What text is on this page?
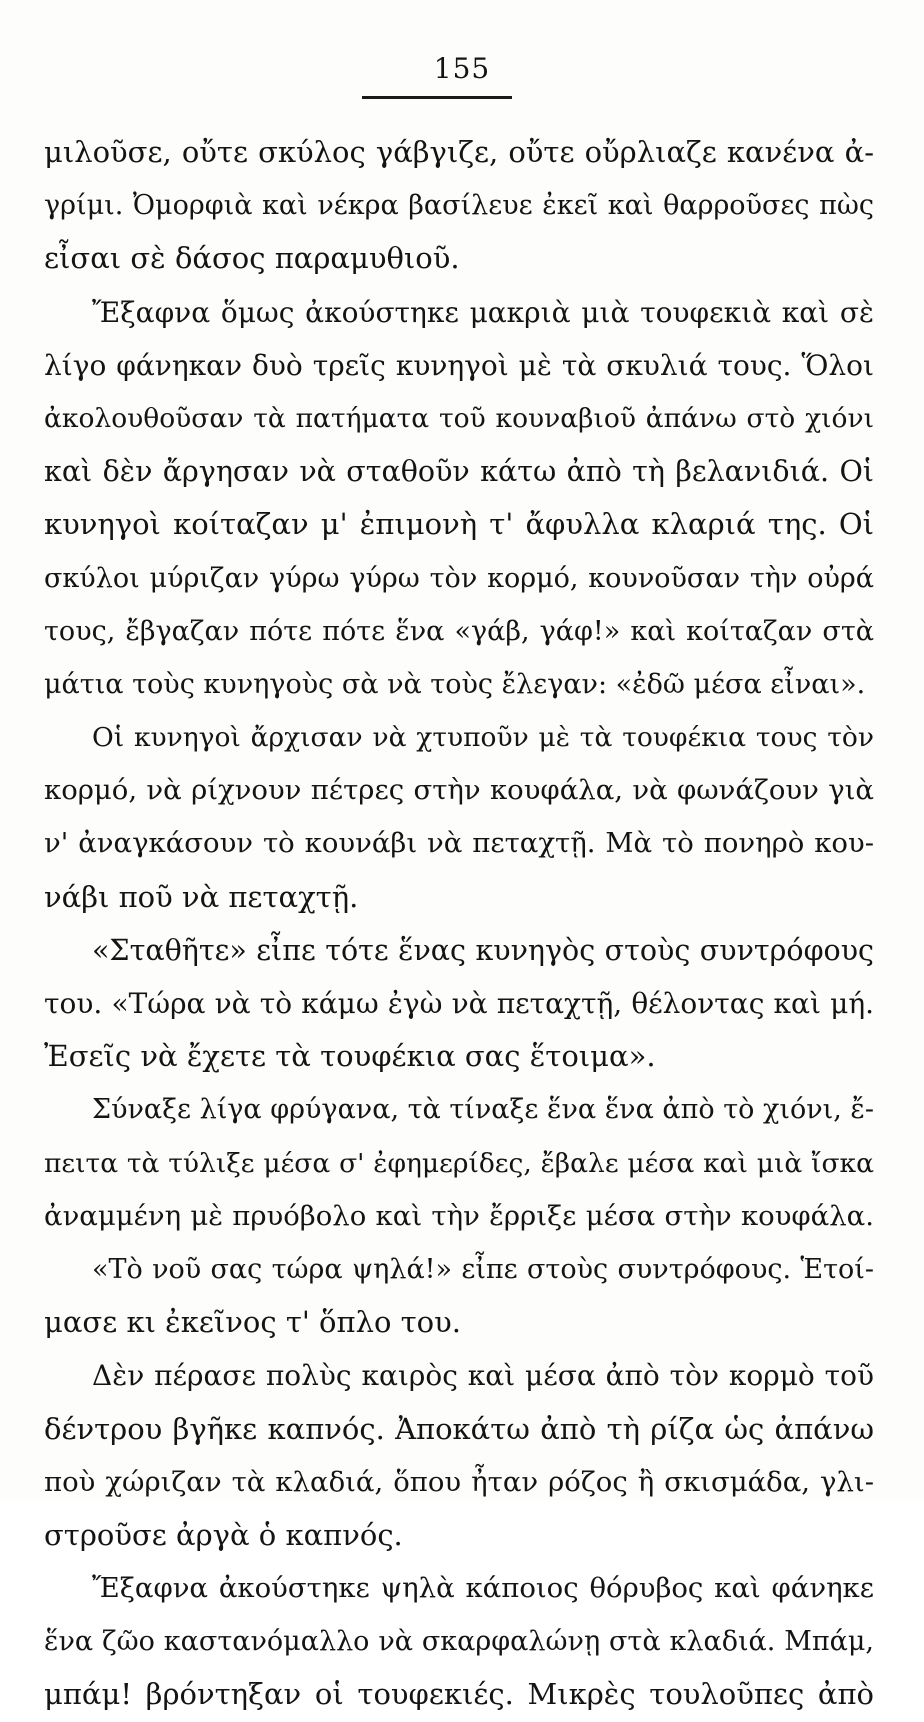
155
μιλοῦσε, οὔτε σκύλος γάβγιζε, οὔτε οὔρλιαζε κανένα ἀ-
γρίμι. Ὀμορφιὰ καὶ νέκρα βασίλευε ἐκεῖ καὶ θαρροῦσες πὼς
εἶσαι σὲ δάσος παραμυθιοῦ.
Ἔξαφνα ὅμως ἀκούστηκε μακριὰ μιὰ τουφεκιὰ καὶ σὲ
λίγο φάνηκαν δυὸ τρεῖς κυνηγοὶ μὲ τὰ σκυλιά τους. Ὅλοι
ἀκολουθοῦσαν τὰ πατήματα τοῦ κουναβιοῦ ἀπάνω στὸ χιόνι
καὶ δὲν ἄργησαν νὰ σταθοῦν κάτω ἀπὸ τὴ βελανιδιά. Οἱ
κυνηγοὶ κοίταζαν μ' ἐπιμονὴ τ' ἄφυλλα κλαριά της. Οἱ
σκύλοι μύριζαν γύρω γύρω τὸν κορμό, κουνοῦσαν τὴν οὐρά
τους, ἔβγαζαν πότε πότε ἕνα «γάβ, γάφ!» καὶ κοίταζαν στὰ
μάτια τοὺς κυνηγοὺς σὰ νὰ τοὺς ἔλεγαν: «ἐδῶ μέσα εἶναι».
Οἱ κυνηγοὶ ἄρχισαν νὰ χτυποῦν μὲ τὰ τουφέκια τους τὸν
κορμό, νὰ ρίχνουν πέτρες στὴν κουφάλα, νὰ φωνάζουν γιὰ
ν' ἀναγκάσουν τὸ κουνάβι νὰ πεταχτῇ. Μὰ τὸ πονηρὸ κου-
νάβι ποῦ νὰ πεταχτῇ.
«Σταθῆτε» εἶπε τότε ἕνας κυνηγὸς στοὺς συντρόφους
του. «Τώρα νὰ τὸ κάμω ἐγὼ νὰ πεταχτῇ, θέλοντας καὶ μή.
Ἐσεῖς νὰ ἔχετε τὰ τουφέκια σας ἕτοιμα».
Σύναξε λίγα φρύγανα, τὰ τίναξε ἕνα ἕνα ἀπὸ τὸ χιόνι, ἔ-
πειτα τὰ τύλιξε μέσα σ' ἐφημερίδες, ἔβαλε μέσα καὶ μιὰ ἴσκα
ἀναμμένη μὲ πρυόβολο καὶ τὴν ἔρριξε μέσα στὴν κουφάλα.
«Τὸ νοῦ σας τώρα ψηλά!» εἶπε στοὺς συντρόφους. Ἑτοί-
μασε κι ἐκεῖνος τ' ὅπλο του.
Δὲν πέρασε πολὺς καιρὸς καὶ μέσα ἀπὸ τὸν κορμὸ τοῦ
δέντρου βγῆκε καπνός. Ἀποκάτω ἀπὸ τὴ ρίζα ὡς ἀπάνω
ποὺ χώριζαν τὰ κλαδιά, ὅπου ἦταν ρόζος ἢ σκισμάδα, γλι-
στροῦσε ἀργὰ ὁ καπνός.
Ἔξαφνα ἀκούστηκε ψηλὰ κάποιος θόρυβος καὶ φάνηκε
ἕνα ζῶο καστανόμαλλο νὰ σκαρφαλώνῃ στὰ κλαδιά. Μπάμ,
μπάμ! βρόντηξαν οἱ τουφεκιές. Μικρὲς τουλοῦπες ἀπὸ
